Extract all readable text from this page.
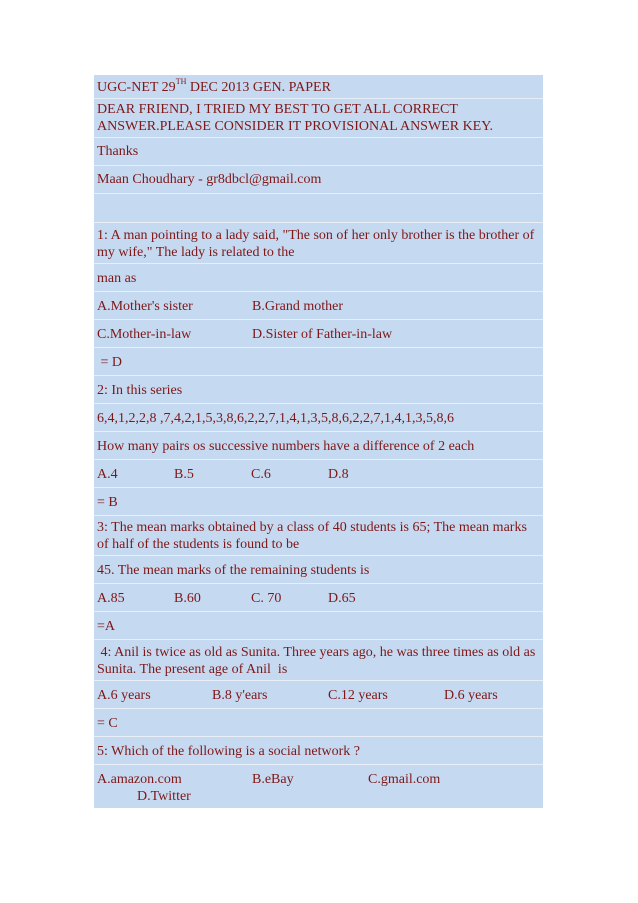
UGC-NET 29TH DEC 2013 GEN. PAPER
DEAR FRIEND, I TRIED MY BEST TO GET ALL CORRECT ANSWER.PLEASE CONSIDER IT PROVISIONAL ANSWER KEY.
Thanks
Maan Choudhary - gr8dbcl@gmail.com
1: A man pointing to a lady said, "The son of her only brother is the brother of my wife," The lady is related to the
man as
A.Mother's sister	B.Grand mother
C.Mother-in-law	D.Sister of Father-in-law
= D
2: In this series
6,4,1,2,2,8 ,7,4,2,1,5,3,8,6,2,2,7,1,4,1,3,5,8,6,2,2,7,1,4,1,3,5,8,6
How many pairs os successive numbers have a difference of 2 each
A.4	B.5	C.6	D.8
= B
3: The mean marks obtained by a class of 40 students is 65; The mean marks of half of the students is found to be
45. The mean marks of the remaining students is
A.85	B.60	C. 70	D.65
=A
4: Anil is twice as old as Sunita. Three years ago, he was three times as old as Sunita. The present age of Anil  is
A.6 years	B.8 y'ears	C.12 years	D.6 years
= C
5: Which of the following is a social network ?
A.amazon.com	B.eBay	C.gmail.com
D.Twitter
